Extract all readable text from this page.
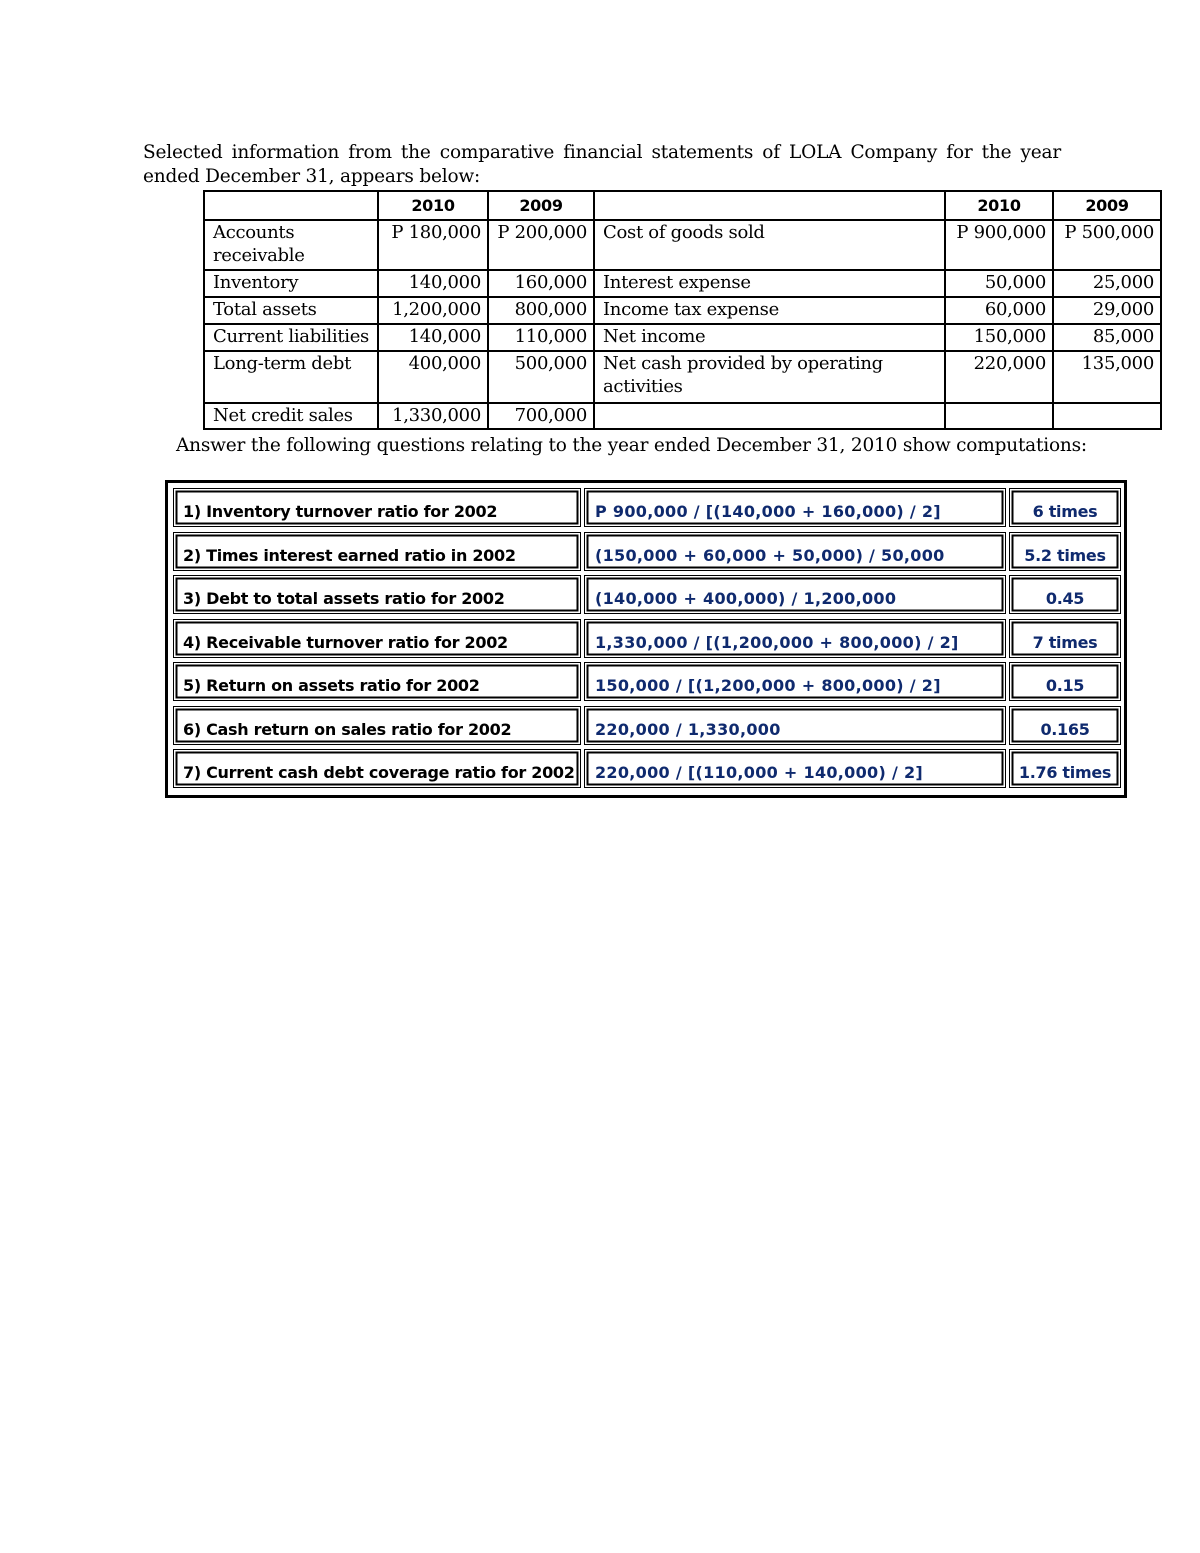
Selected information from the comparative financial statements of LOLA Company for the year ended December 31, appears below:

	2010	2009		2010	2009
Accounts receivable	P 180,000	P 200,000	Cost of goods sold	P 900,000	P 500,000
Inventory	140,000	160,000	Interest expense	50,000	25,000
Total assets	1,200,000	800,000	Income tax expense	60,000	29,000
Current liabilities	140,000	110,000	Net income	150,000	85,000
Long-term debt	400,000	500,000	Net cash provided by operating activities	220,000	135,000
Net credit sales	1,330,000	700,000			
Answer the following questions relating to the year ended December 31, 2010 show computations:
1) Inventory turnover ratio for 2002	P 900,000 / [(140,000 + 160,000) / 2]	6 times
2) Times interest earned ratio in 2002	(150,000 + 60,000 + 50,000) / 50,000	5.2 times
3) Debt to total assets ratio for 2002	(140,000 + 400,000) / 1,200,000	0.45
4) Receivable turnover ratio for 2002	1,330,000 / [(1,200,000 + 800,000) / 2]	7 times
5) Return on assets ratio for 2002	150,000 / [(1,200,000 + 800,000) / 2]	0.15
6) Cash return on sales ratio for 2002	220,000 / 1,330,000	0.165
7) Current cash debt coverage ratio for 2002	220,000 / [(110,000 + 140,000) / 2]	1.76 times
